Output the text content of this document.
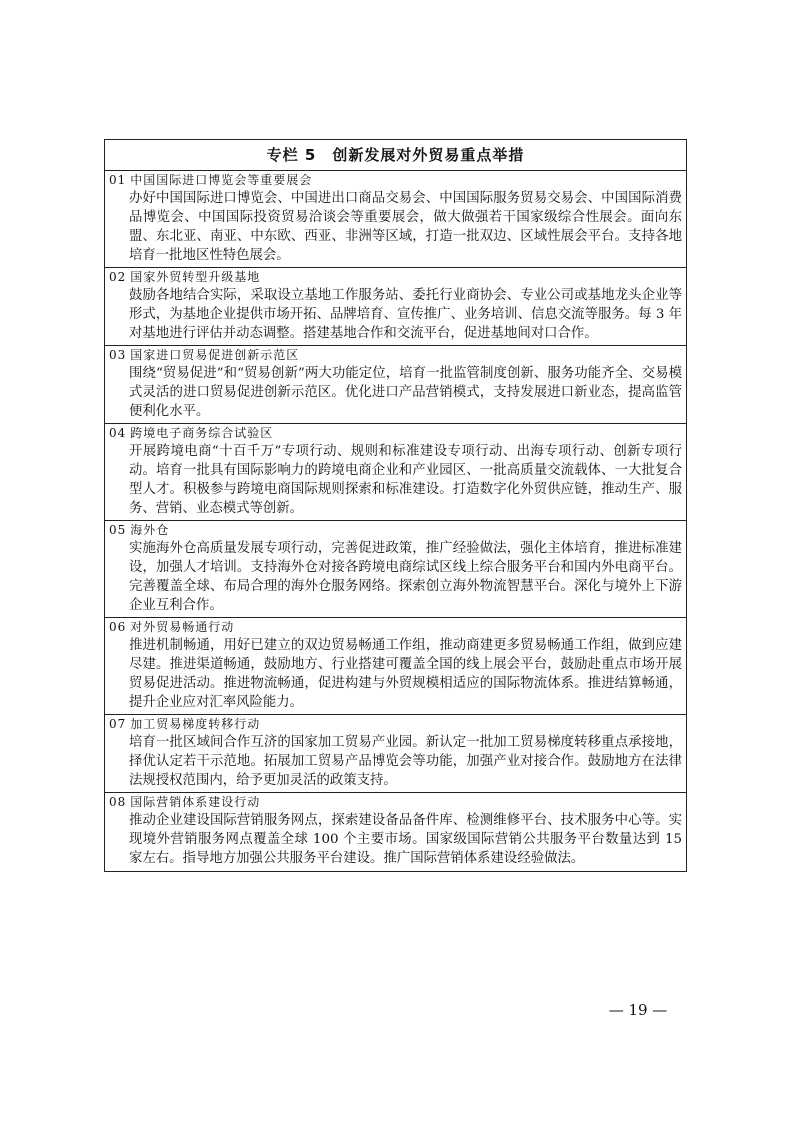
专栏 5　创新发展对外贸易重点举措
01 中国国际进口博览会等重要展会
办好中国国际进口博览会、中国进出口商品交易会、中国国际服务贸易交易会、中国国际消费品博览会、中国国际投资贸易洽谈会等重要展会，做大做强若干国家级综合性展会。面向东盟、东北亚、南亚、中东欧、西亚、非洲等区域，打造一批双边、区域性展会平台。支持各地培育一批地区性特色展会。
02 国家外贸转型升级基地
鼓励各地结合实际，采取设立基地工作服务站、委托行业商协会、专业公司或基地龙头企业等形式，为基地企业提供市场开拓、品牌培育、宣传推广、业务培训、信息交流等服务。每 3 年对基地进行评估并动态调整。搭建基地合作和交流平台，促进基地间对口合作。
03 国家进口贸易促进创新示范区
围绕“贸易促进”和“贸易创新”两大功能定位，培育一批监管制度创新、服务功能齐全、交易模式灵活的进口贸易促进创新示范区。优化进口产品营销模式，支持发展进口新业态，提高监管便利化水平。
04 跨境电子商务综合试验区
开展跨境电商“十百千万”专项行动、规则和标准建设专项行动、出海专项行动、创新专项行动。培育一批具有国际影响力的跨境电商企业和产业园区、一批高质量交流载体、一大批复合型人才。积极参与跨境电商国际规则探索和标准建设。打造数字化外贸供应链，推动生产、服务、营销、业态模式等创新。
05 海外仓
实施海外仓高质量发展专项行动，完善促进政策，推广经验做法，强化主体培育，推进标准建设，加强人才培训。支持海外仓对接各跨境电商综试区线上综合服务平台和国内外电商平台。完善覆盖全球、布局合理的海外仓服务网络。探索创立海外物流智慧平台。深化与境外上下游企业互利合作。
06 对外贸易畅通行动
推进机制畅通，用好已建立的双边贸易畅通工作组，推动商建更多贸易畅通工作组，做到应建尽建。推进渠道畅通，鼓励地方、行业搭建可覆盖全国的线上展会平台，鼓励赴重点市场开展贸易促进活动。推进物流畅通，促进构建与外贸规模相适应的国际物流体系。推进结算畅通，提升企业应对汇率风险能力。
07 加工贸易梯度转移行动
培育一批区域间合作互济的国家加工贸易产业园。新认定一批加工贸易梯度转移重点承接地，择优认定若干示范地。拓展加工贸易产品博览会等功能，加强产业对接合作。鼓励地方在法律法规授权范围内，给予更加灵活的政策支持。
08 国际营销体系建设行动
推动企业建设国际营销服务网点，探索建设备品备件库、检测维修平台、技术服务中心等。实现境外营销服务网点覆盖全球 100 个主要市场。国家级国际营销公共服务平台数量达到 15 家左右。指导地方加强公共服务平台建设。推广国际营销体系建设经验做法。
— 19 —
